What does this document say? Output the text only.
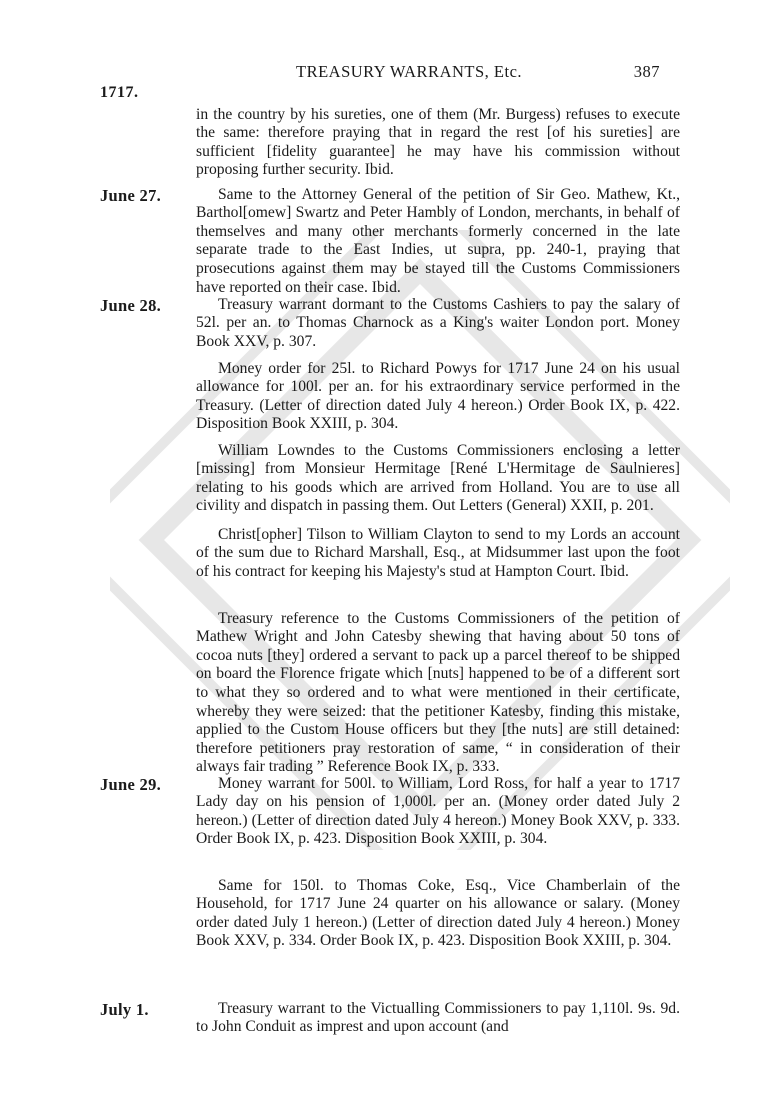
1717.
TREASURY WARRANTS, Etc.	387

in the country by his sureties, one of them (Mr. Burgess) refuses to execute the same: therefore praying that in regard the rest [of his sureties] are sufficient [fidelity guarantee] he may have his commission without proposing further security. Ibid.

June 27.	Same to the Attorney General of the petition of Sir Geo. Mathew, Kt., Barthol[omew] Swartz and Peter Hambly of London, merchants, in behalf of themselves and many other merchants formerly concerned in the late separate trade to the East Indies, ut supra, pp. 240-1, praying that prosecutions against them may be stayed till the Customs Commissioners have reported on their case. Ibid.

June 28.	Treasury warrant dormant to the Customs Cashiers to pay the salary of 52l. per an. to Thomas Charnock as a King's waiter London port. Money Book XXV, p. 307.

Money order for 25l. to Richard Powys for 1717 June 24 on his usual allowance for 100l. per an. for his extraordinary service performed in the Treasury. (Letter of direction dated July 4 hereon.) Order Book IX, p. 422. Disposition Book XXIII, p. 304.

William Lowndes to the Customs Commissioners enclosing a letter [missing] from Monsieur Hermitage [René L'Hermitage de Saulnieres] relating to his goods which are arrived from Holland. You are to use all civility and dispatch in passing them. Out Letters (General) XXII, p. 201.

Christ[opher] Tilson to William Clayton to send to my Lords an account of the sum due to Richard Marshall, Esq., at Midsummer last upon the foot of his contract for keeping his Majesty's stud at Hampton Court. Ibid.

Treasury reference to the Customs Commissioners of the petition of Mathew Wright and John Catesby shewing that having about 50 tons of cocoa nuts [they] ordered a servant to pack up a parcel thereof to be shipped on board the Florence frigate which [nuts] happened to be of a different sort to what they so ordered and to what were mentioned in their certificate, whereby they were seized: that the petitioner Katesby, finding this mistake, applied to the Custom House officers but they [the nuts] are still detained: therefore petitioners pray restoration of same, “ in consideration of their always fair trading ” Reference Book IX, p. 333.

June 29.	Money warrant for 500l. to William, Lord Ross, for half a year to 1717 Lady day on his pension of 1,000l. per an. (Money order dated July 2 hereon.) (Letter of direction dated July 4 hereon.) Money Book XXV, p. 333. Order Book IX, p. 423. Disposition Book XXIII, p. 304.

Same for 150l. to Thomas Coke, Esq., Vice Chamberlain of the Household, for 1717 June 24 quarter on his allowance or salary. (Money order dated July 1 hereon.) (Letter of direction dated July 4 hereon.) Money Book XXV, p. 334. Order Book IX, p. 423. Disposition Book XXIII, p. 304.

July 1.	Treasury warrant to the Victualling Commissioners to pay 1,110l. 9s. 9d. to John Conduit as imprest and upon account (and
